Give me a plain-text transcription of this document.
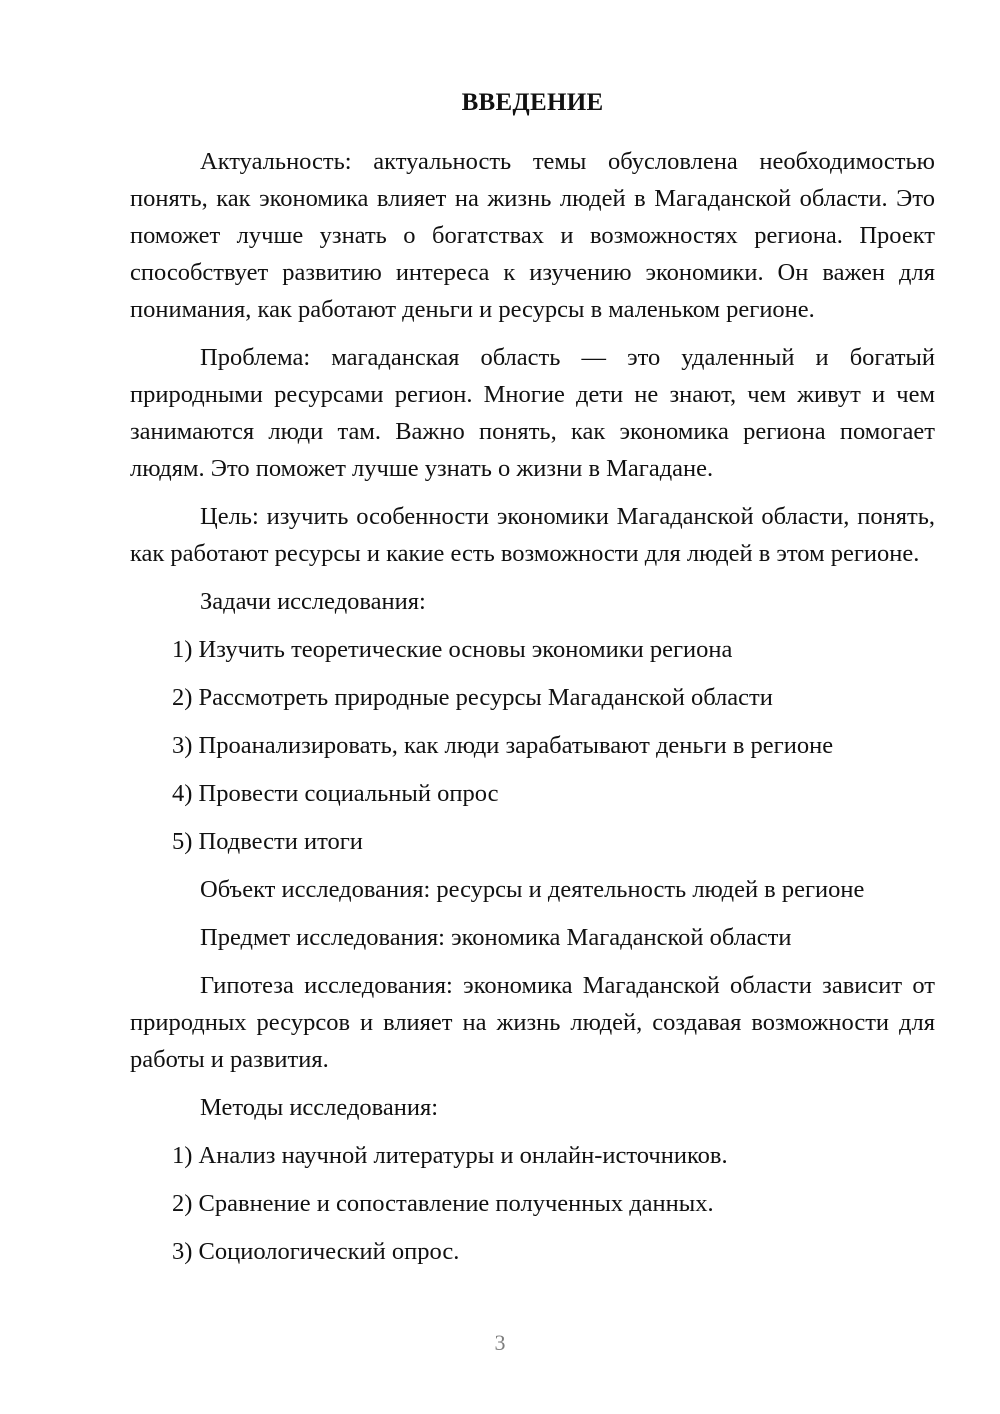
ВВЕДЕНИЕ

Актуальность: актуальность темы обусловлена необходимостью понять, как экономика влияет на жизнь людей в Магаданской области. Это поможет лучше узнать о богатствах и возможностях региона. Проект способствует развитию интереса к изучению экономики. Он важен для понимания, как работают деньги и ресурсы в маленьком регионе.

Проблема: магаданская область — это удаленный и богатый природными ресурсами регион. Многие дети не знают, чем живут и чем занимаются люди там. Важно понять, как экономика региона помогает людям. Это поможет лучше узнать о жизни в Магадане.

Цель: изучить особенности экономики Магаданской области, понять, как работают ресурсы и какие есть возможности для людей в этом регионе.

Задачи исследования:

1) Изучить теоретические основы экономики региона
2) Рассмотреть природные ресурсы Магаданской области
3) Проанализировать, как люди зарабатывают деньги в регионе
4) Провести социальный опрос
5) Подвести итоги

Объект исследования: ресурсы и деятельность людей в регионе

Предмет исследования: экономика Магаданской области

Гипотеза исследования: экономика Магаданской области зависит от природных ресурсов и влияет на жизнь людей, создавая возможности для работы и развития.

Методы исследования:

1) Анализ научной литературы и онлайн-источников.
2) Сравнение и сопоставление полученных данных.
3) Социологический опрос.
3
